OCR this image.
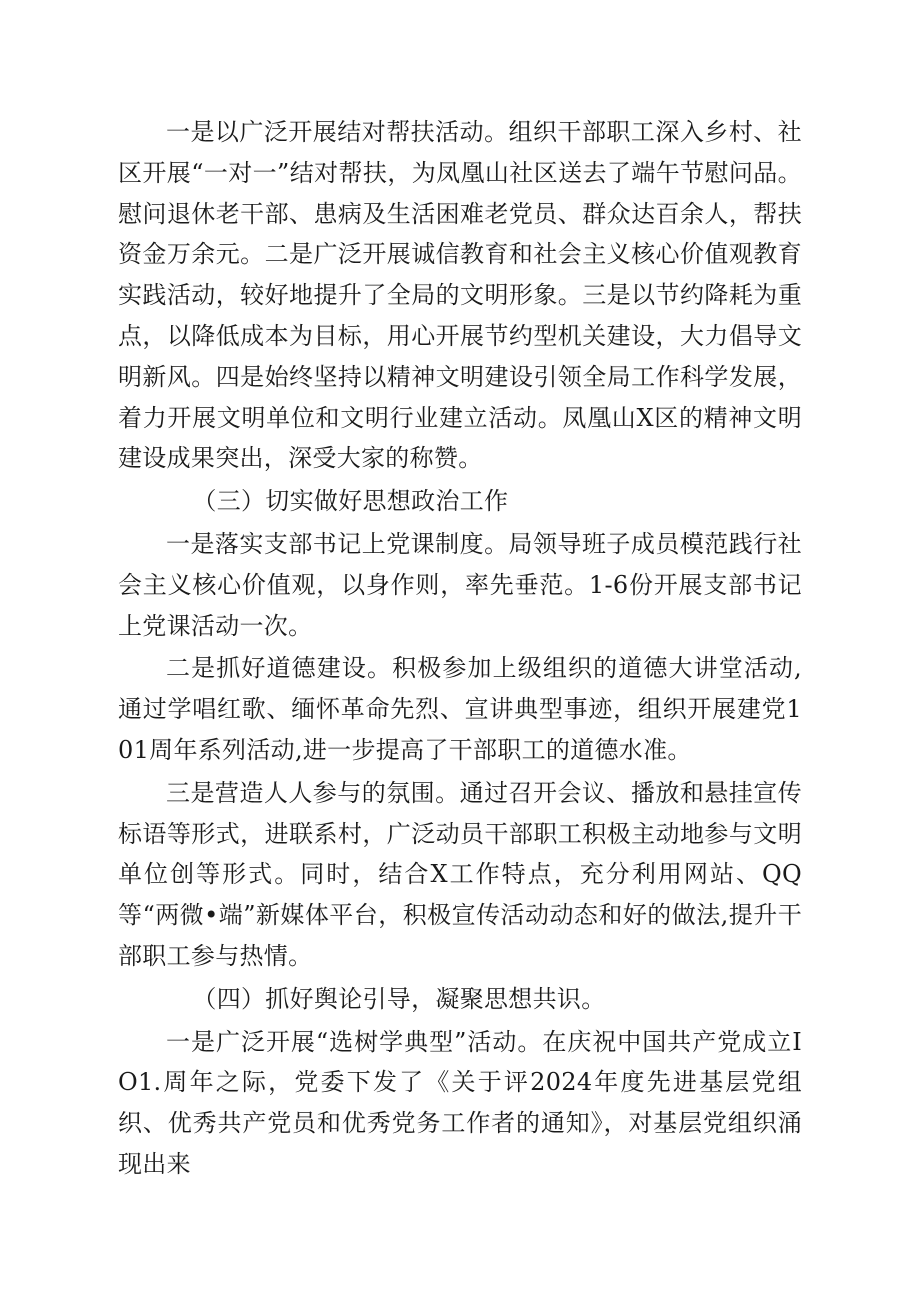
一是以广泛开展结对帮扶活动。组织干部职工深入乡村、社区开展“一对一”结对帮扶，为凤凰山社区送去了端午节慰问品。慰问退休老干部、患病及生活困难老党员、群众达百余人，帮扶资金万余元。二是广泛开展诚信教育和社会主义核心价值观教育实践活动，较好地提升了全局的文明形象。三是以节约降耗为重点，以降低成本为目标，用心开展节约型机关建设，大力倡导文明新风。四是始终坚持以精神文明建设引领全局工作科学发展，着力开展文明单位和文明行业建立活动。凤凰山X区的精神文明建设成果突出，深受大家的称赞。

（三）切实做好思想政治工作

一是落实支部书记上党课制度。局领导班子成员模范践行社会主义核心价值观，以身作则，率先垂范。1-6份开展支部书记上党课活动一次。

二是抓好道德建设。积极参加上级组织的道德大讲堂活动,通过学唱红歌、缅怀革命先烈、宣讲典型事迹，组织开展建党101周年系列活动,进一步提高了干部职工的道德水准。

三是营造人人参与的氛围。通过召开会议、播放和悬挂宣传标语等形式，进联系村，广泛动员干部职工积极主动地参与文明单位创等形式。同时，结合X工作特点，充分利用网站、QQ等“两微•端”新媒体平台，积极宣传活动动态和好的做法,提升干部职工参与热情。

（四）抓好舆论引导，凝聚思想共识。

一是广泛开展“选树学典型”活动。在庆祝中国共产党成立IO1.周年之际，党委下发了《关于评2024年度先进基层党组织、优秀共产党员和优秀党务工作者的通知》，对基层党组织涌现出来
